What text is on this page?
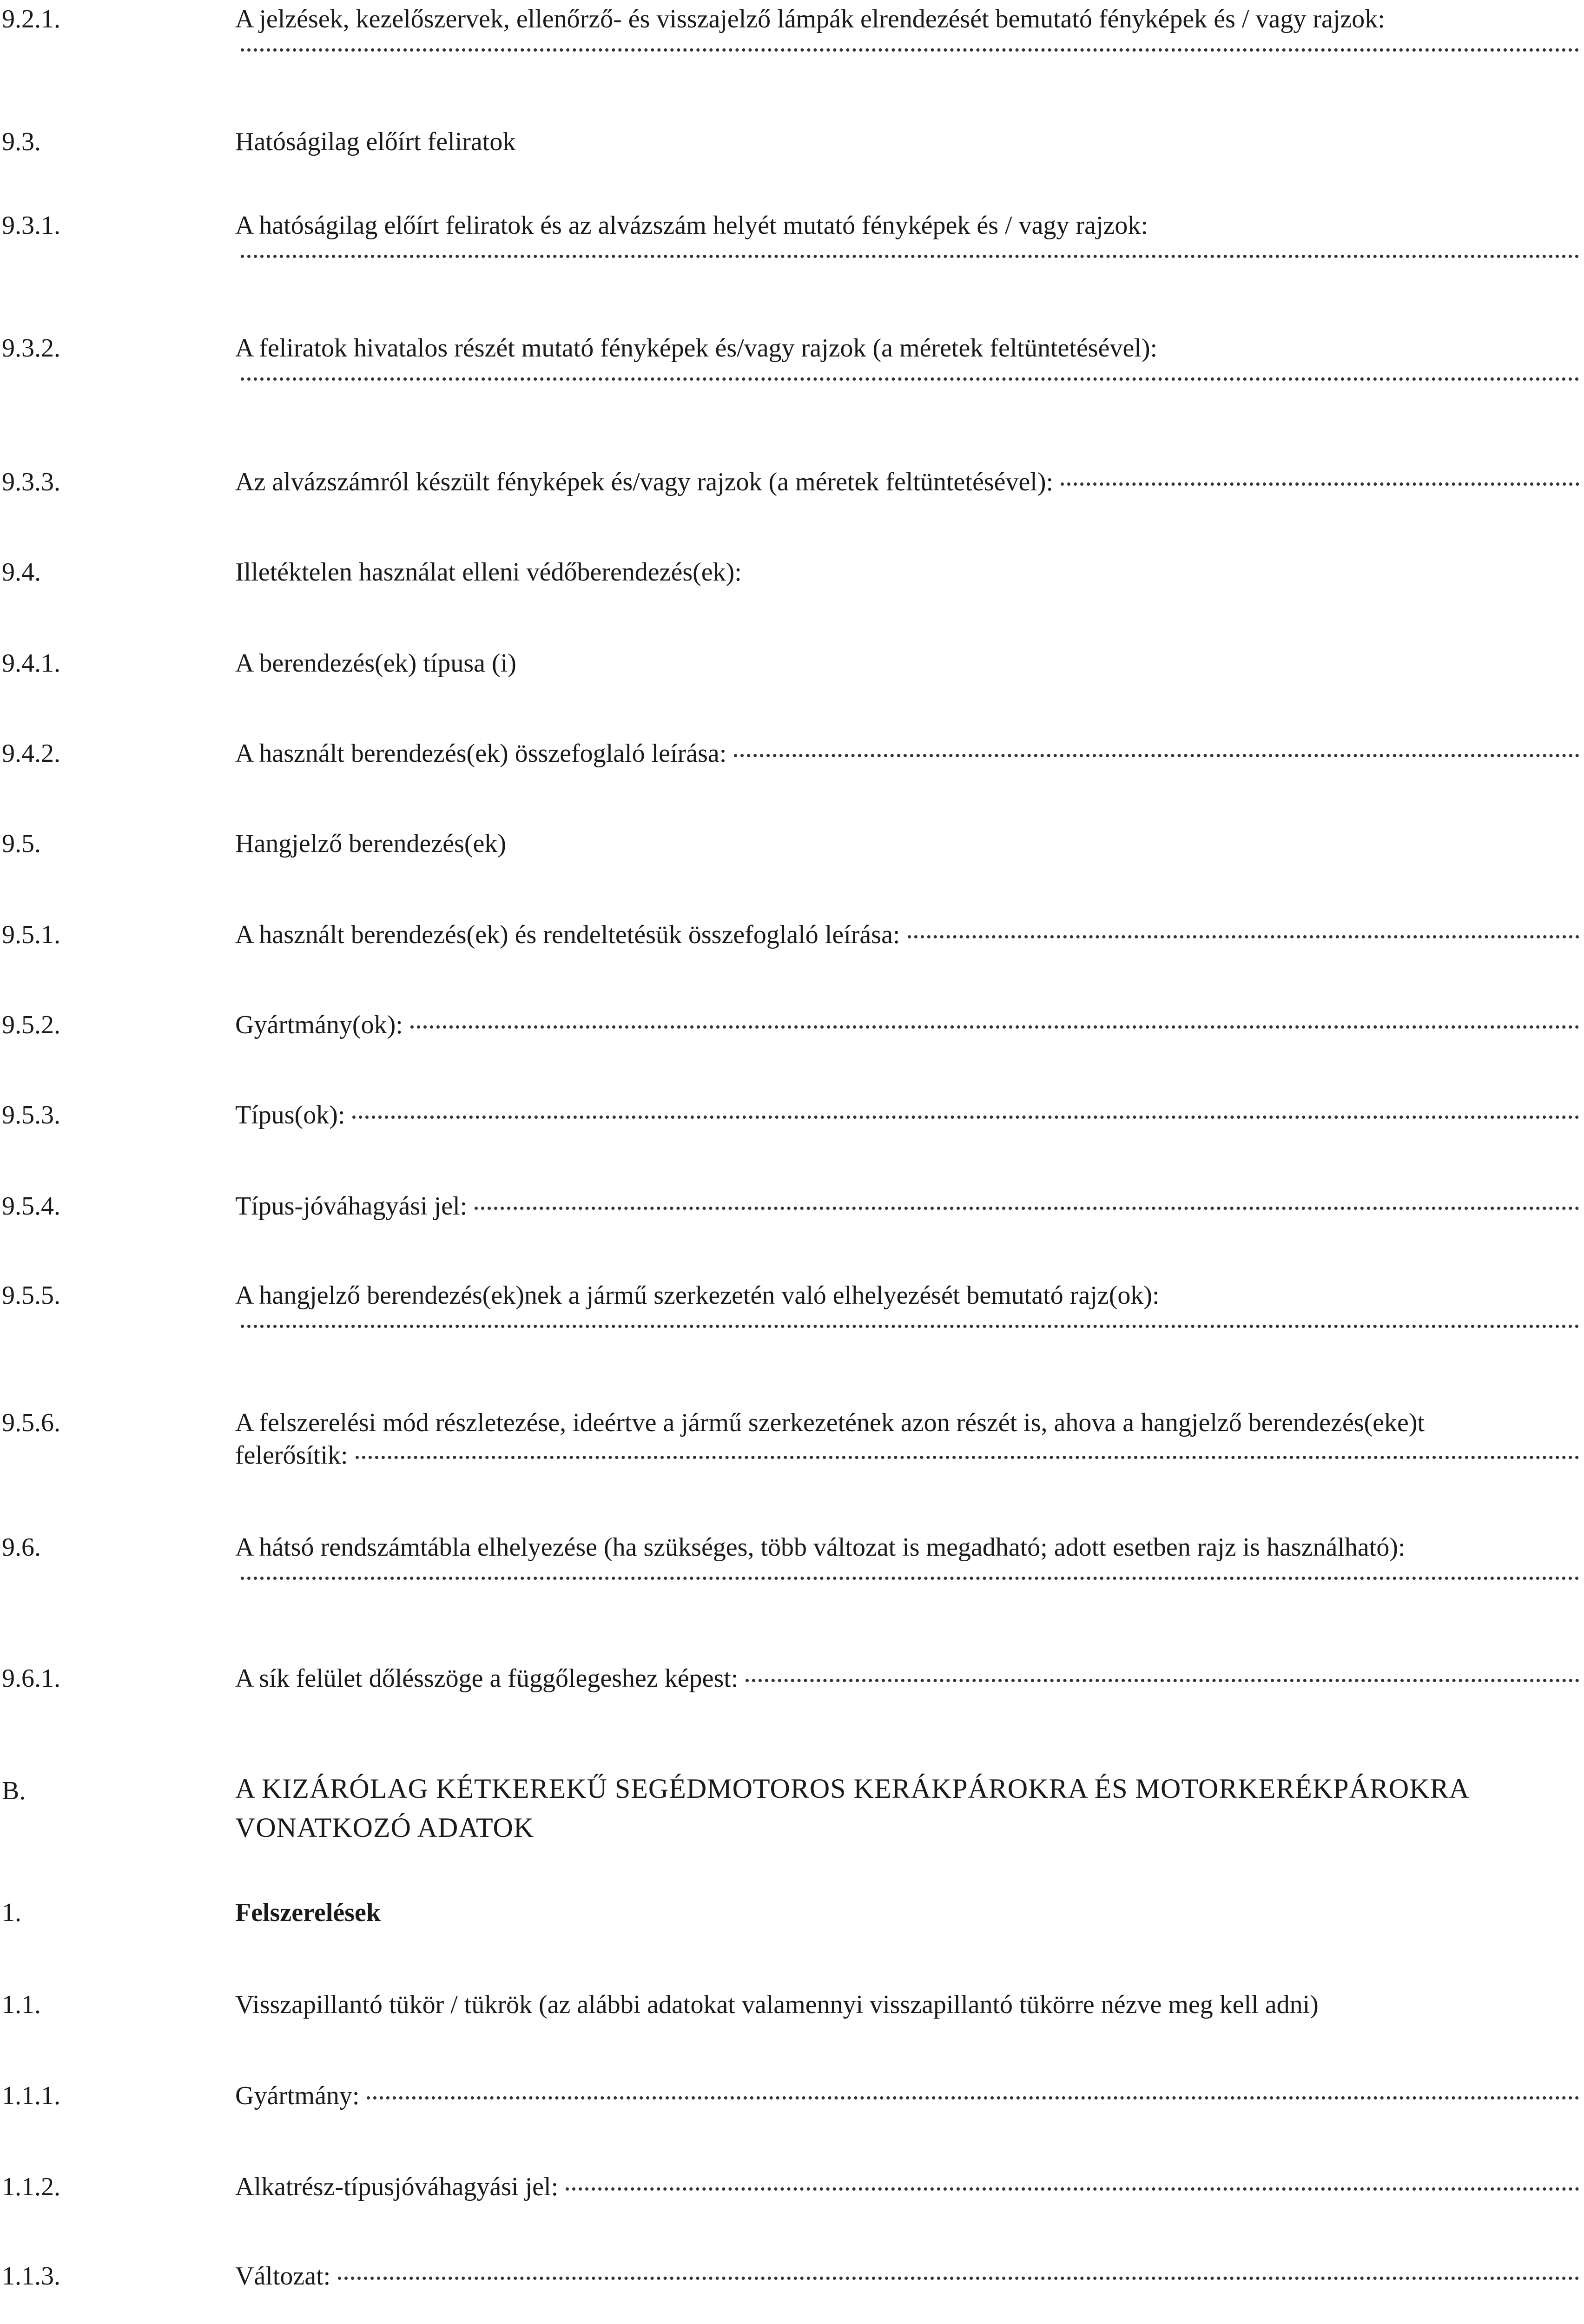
9.2.1.	A jelzések, kezelőszervek, ellenőrző- és visszajelző lámpák elrendezését bemutató fényképek és / vagy rajzok:
9.3.	Hatóságilag előírt feliratok
9.3.1.	A hatóságilag előírt feliratok és az alvázszám helyét mutató fényképek és / vagy rajzok:
9.3.2.	A feliratok hivatalos részét mutató fényképek és/vagy rajzok (a méretek feltüntetésével):
9.3.3.	Az alvázszámról készült fényképek és/vagy rajzok (a méretek feltüntetésével):
9.4.	Illetéktelen használat elleni védőberendezés(ek):
9.4.1.	A berendezés(ek) típusa (i)
9.4.2.	A használt berendezés(ek) összefoglaló leírása:
9.5.	Hangjelző berendezés(ek)
9.5.1.	A használt berendezés(ek) és rendeltetésük összefoglaló leírása:
9.5.2.	Gyártmány(ok):
9.5.3.	Típus(ok):
9.5.4.	Típus-jóváhagyási jel:
9.5.5.	A hangjelző berendezés(ek)nek a jármű szerkezetén való elhelyezését bemutató rajz(ok):
9.5.6.	A felszerelési mód részletezése, ideértve a jármű szerkezetének azon részét is, ahova a hangjelző berendezés(eke)t
felerősítik:
9.6.	A hátsó rendszámtábla elhelyezése (ha szükséges, több változat is megadható; adott esetben rajz is használható):
9.6.1.	A sík felület dőlésszöge a függőlegeshez képest:
B.	A KIZÁRÓLAG KÉTKEREKŰ SEGÉDMOTOROS KERÁKPÁROKRA ÉS MOTORKERÉKPÁROKRA VONATKOZÓ ADATOK
1.	Felszerelések
1.1.	Visszapillantó tükör / tükrök (az alábbi adatokat valamennyi visszapillantó tükörre nézve meg kell adni)
1.1.1.	Gyártmány:
1.1.2.	Alkatrész-típusjóváhagyási jel:
1.1.3.	Változat:
